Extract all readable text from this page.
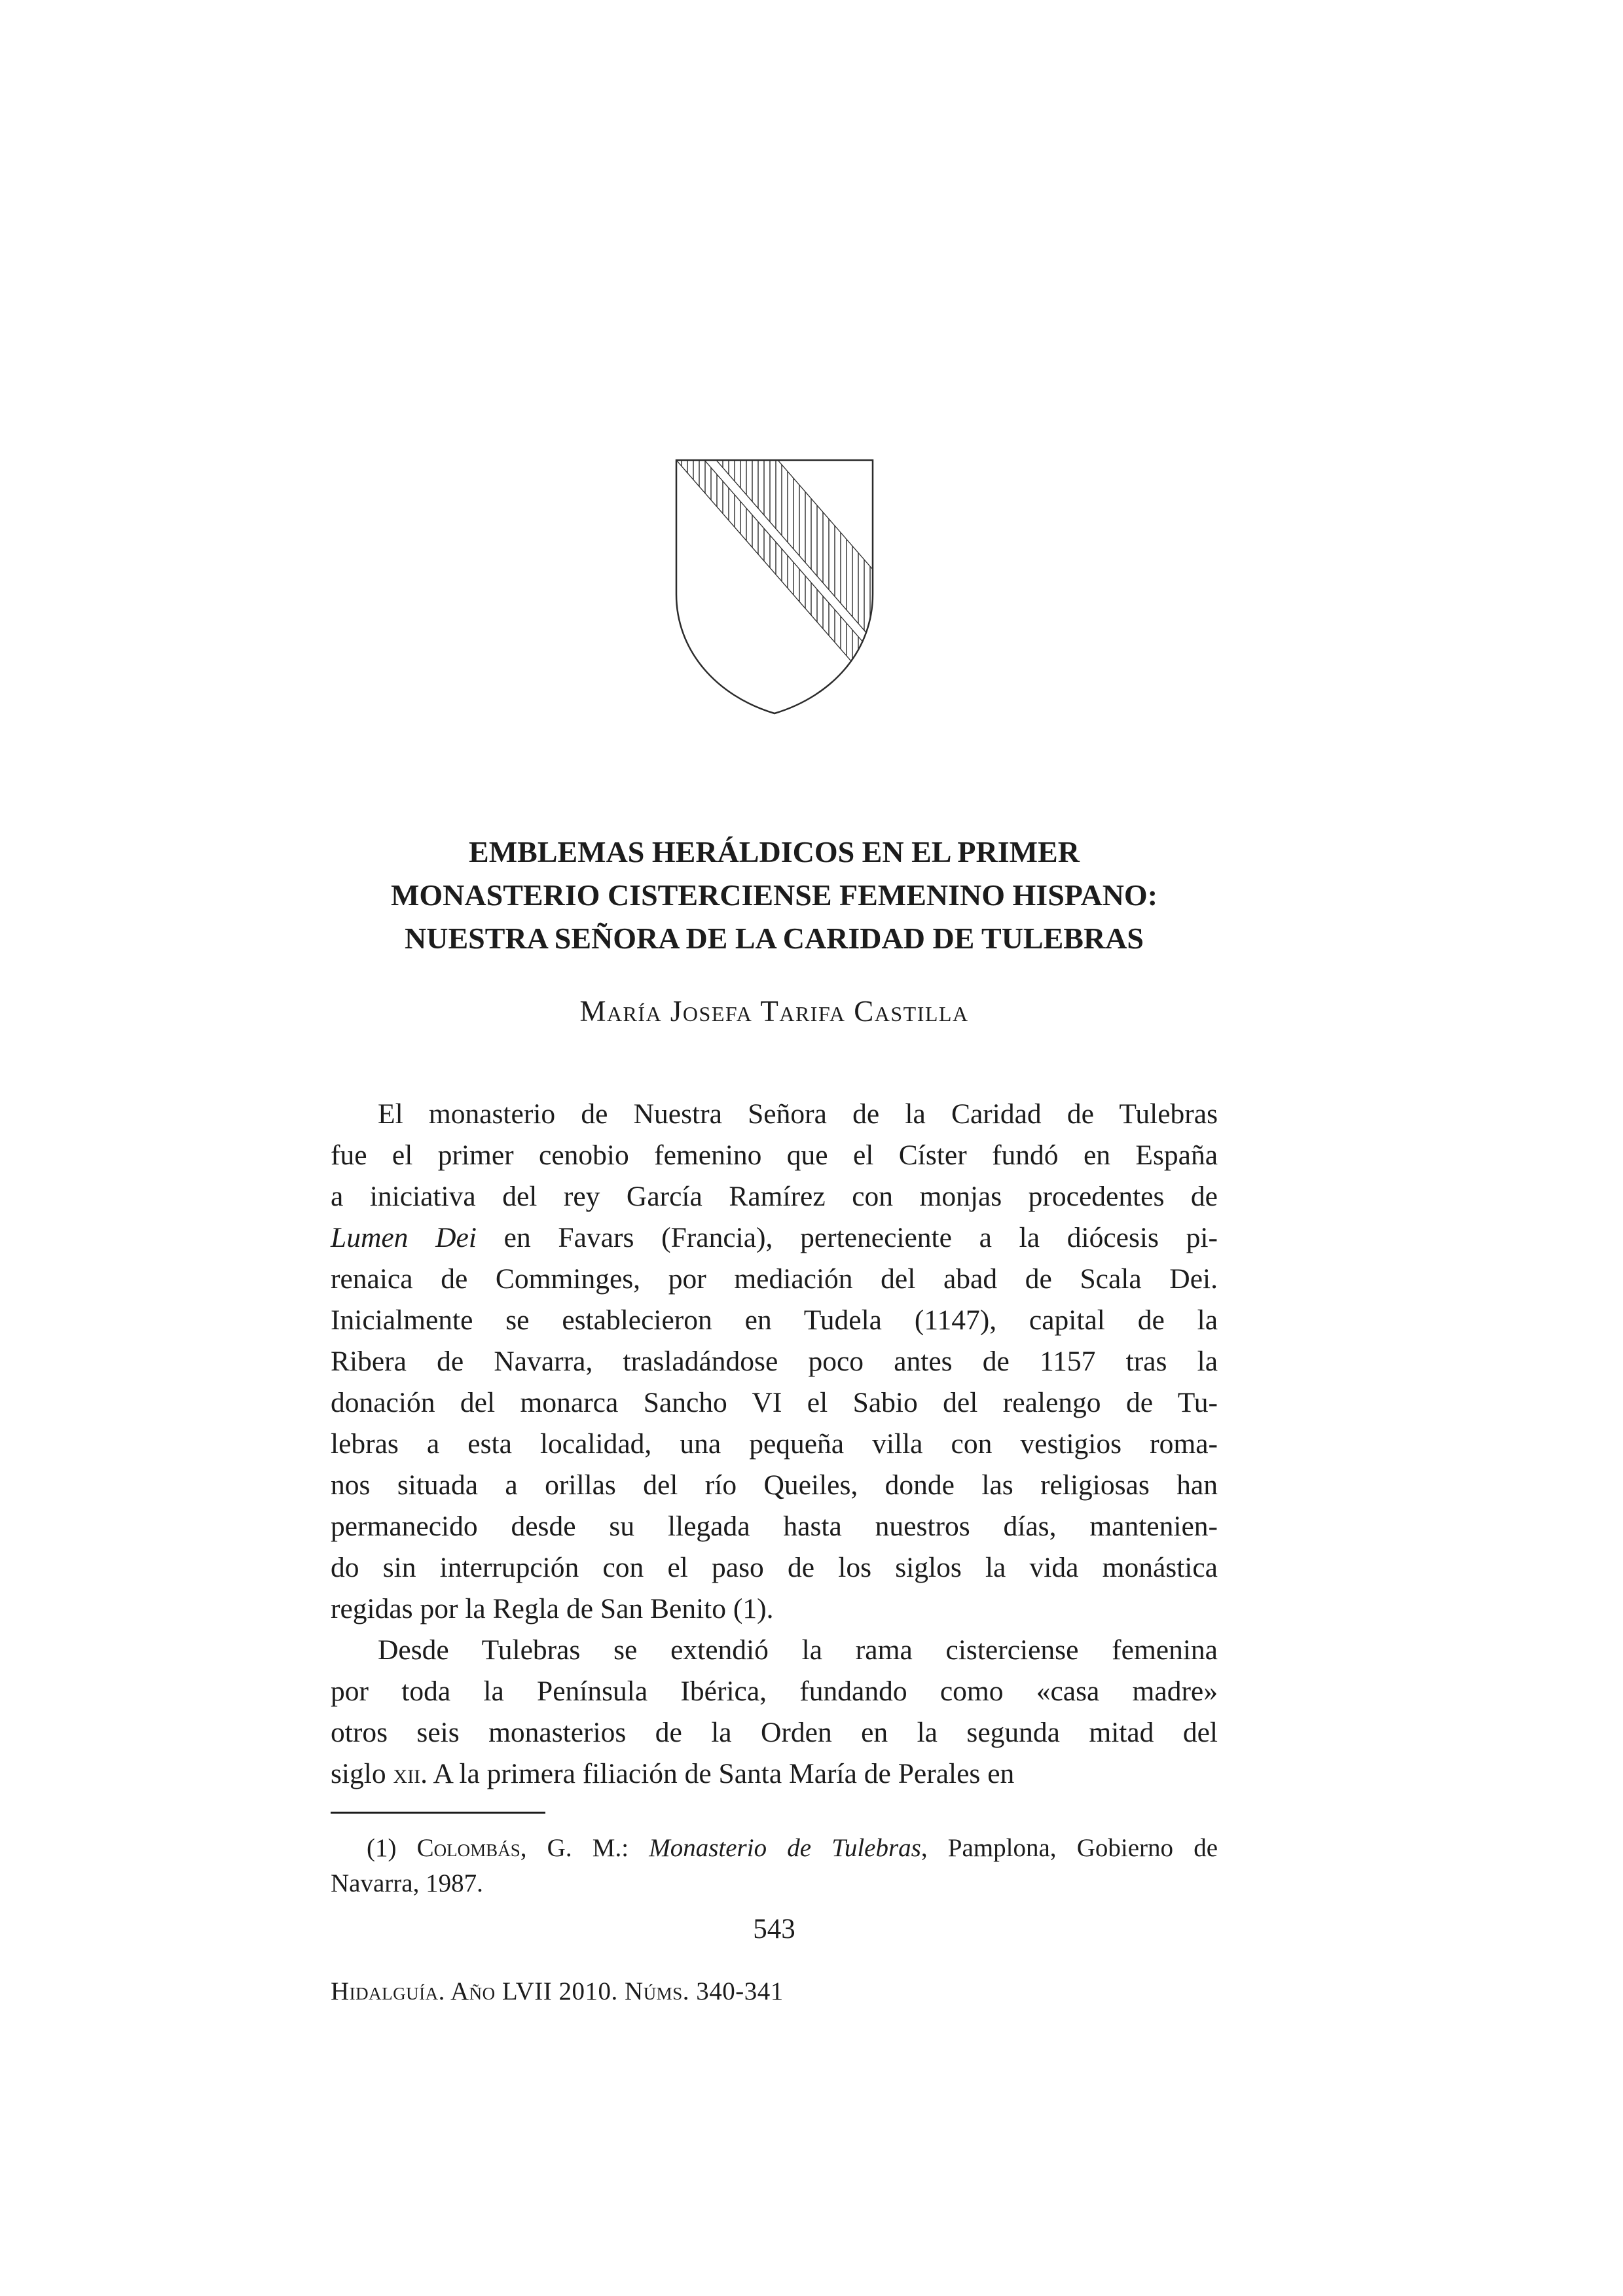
EMBLEMAS HERÁLDICOS EN EL PRIMER
MONASTERIO CISTERCIENSE FEMENINO HISPANO:
NUESTRA SEÑORA DE LA CARIDAD DE TULEBRAS
María Josefa Tarifa Castilla
El monasterio de Nuestra Señora de la Caridad de Tulebras
fue el primer cenobio femenino que el Císter fundó en España
a iniciativa del rey García Ramírez con monjas procedentes de
Lumen Dei en Favars (Francia), perteneciente a la diócesis pi-
renaica de Comminges, por mediación del abad de Scala Dei.
Inicialmente se establecieron en Tudela (1147), capital de la
Ribera de Navarra, trasladándose poco antes de 1157 tras la
donación del monarca Sancho VI el Sabio del realengo de Tu-
lebras a esta localidad, una pequeña villa con vestigios roma-
nos situada a orillas del río Queiles, donde las religiosas han
permanecido desde su llegada hasta nuestros días, mantenien-
do sin interrupción con el paso de los siglos la vida monástica
regidas por la Regla de San Benito (1).
Desde Tulebras se extendió la rama cisterciense femenina
por toda la Península Ibérica, fundando como «casa madre»
otros seis monasterios de la Orden en la segunda mitad del
siglo xii. A la primera filiación de Santa María de Perales en
(1) Colombás, G. M.: Monasterio de Tulebras, Pamplona, Gobierno de
Navarra, 1987.
543
Hidalguía. Año LVII 2010. Núms. 340-341
